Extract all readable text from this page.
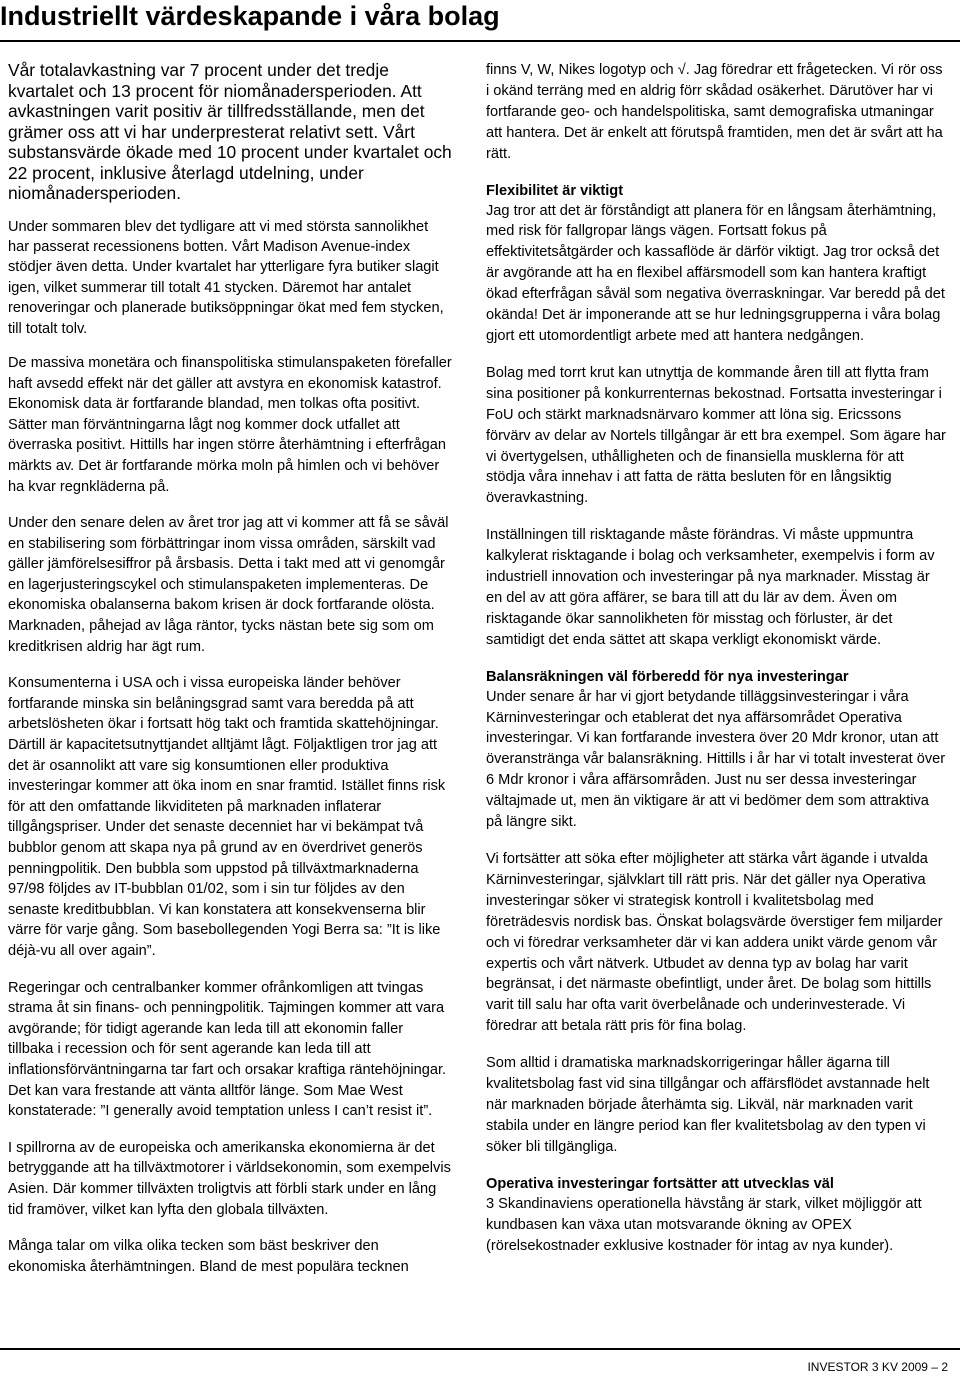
Industriellt värdeskapande i våra bolag

Vår totalavkastning var 7 procent under det tredje kvartalet och 13 procent för niomånadersperioden. Att avkastningen varit positiv är tillfredsställande, men det grämer oss att vi har underpresterat relativt sett. Vårt substansvärde ökade med 10 procent under kvartalet och 22 procent, inklusive återlagd utdelning, under niomånadersperioden.

Under sommaren blev det tydligare att vi med största sannolikhet har passerat recessionens botten. Vårt Madison Avenue-index stödjer även detta. Under kvartalet har ytterligare fyra butiker slagit igen, vilket summerar till totalt 41 stycken. Däremot har antalet renoveringar och planerade butiksöppningar ökat med fem stycken, till totalt tolv.

De massiva monetära och finanspolitiska stimulanspaketen förefaller haft avsedd effekt när det gäller att avstyra en ekonomisk katastrof. Ekonomisk data är fortfarande blandad, men tolkas ofta positivt. Sätter man förväntningarna lågt nog kommer dock utfallet att överraska positivt. Hittills har ingen större återhämtning i efterfrågan märkts av. Det är fortfarande mörka moln på himlen och vi behöver ha kvar regnkläderna på.

Under den senare delen av året tror jag att vi kommer att få se såväl en stabilisering som förbättringar inom vissa områden, särskilt vad gäller jämförelsesiffror på årsbasis. Detta i takt med att vi genomgår en lagerjusteringscykel och stimulanspaketen implementeras. De ekonomiska obalanserna bakom krisen är dock fortfarande olösta. Marknaden, påhejad av låga räntor, tycks nästan bete sig som om kreditkrisen aldrig har ägt rum.

Konsumenterna i USA och i vissa europeiska länder behöver fortfarande minska sin belåningsgrad samt vara beredda på att arbetslösheten ökar i fortsatt hög takt och framtida skattehöjningar. Därtill är kapacitetsutnyttjandet alltjämt lågt. Följaktligen tror jag att det är osannolikt att vare sig konsumtionen eller produktiva investeringar kommer att öka inom en snar framtid. Istället finns risk för att den omfattande likviditeten på marknaden inflaterar tillgångspriser. Under det senaste decenniet har vi bekämpat två bubblor genom att skapa nya på grund av en överdrivet generös penningpolitik. Den bubbla som uppstod på tillväxtmarknaderna 97/98 följdes av IT-bubblan 01/02, som i sin tur följdes av den senaste kreditbubblan. Vi kan konstatera att konsekvenserna blir värre för varje gång. Som basebollegenden Yogi Berra sa: ”It is like déjà-vu all over again”.

Regeringar och centralbanker kommer ofrånkomligen att tvingas strama åt sin finans- och penningpolitik. Tajmingen kommer att vara avgörande; för tidigt agerande kan leda till att ekonomin faller tillbaka i recession och för sent agerande kan leda till att inflationsförväntningarna tar fart och orsakar kraftiga räntehöjningar. Det kan vara frestande att vänta alltför länge. Som Mae West konstaterade: ”I generally avoid temptation unless I can’t resist it”.

I spillrorna av de europeiska och amerikanska ekonomierna är det betryggande att ha tillväxtmotorer i världsekonomin, som exempelvis Asien. Där kommer tillväxten troligtvis att förbli stark under en lång tid framöver, vilket kan lyfta den globala tillväxten.

Många talar om vilka olika tecken som bäst beskriver den ekonomiska återhämtningen. Bland de mest populära tecknen

finns V, W, Nikes logotyp och √. Jag föredrar ett frågetecken. Vi rör oss i okänd terräng med en aldrig förr skådad osäkerhet. Därutöver har vi fortfarande geo- och handelspolitiska, samt demografiska utmaningar att hantera. Det är enkelt att förutspå framtiden, men det är svårt att ha rätt.

Flexibilitet är viktigt

Jag tror att det är förståndigt att planera för en långsam återhämtning, med risk för fallgropar längs vägen. Fortsatt fokus på effektivitetsåtgärder och kassaflöde är därför viktigt. Jag tror också det är avgörande att ha en flexibel affärsmodell som kan hantera kraftigt ökad efterfrågan såväl som negativa överraskningar. Var beredd på det okända! Det är imponerande att se hur ledningsgrupperna i våra bolag gjort ett utomordentligt arbete med att hantera nedgången.

Bolag med torrt krut kan utnyttja de kommande åren till att flytta fram sina positioner på konkurrenternas bekostnad. Fortsatta investeringar i FoU och stärkt marknadsnärvaro kommer att löna sig. Ericssons förvärv av delar av Nortels tillgångar är ett bra exempel. Som ägare har vi övertygelsen, uthålligheten och de finansiella musklerna för att stödja våra innehav i att fatta de rätta besluten för en långsiktig överavkastning.

Inställningen till risktagande måste förändras. Vi måste uppmuntra kalkylerat risktagande i bolag och verksamheter, exempelvis i form av industriell innovation och investeringar på nya marknader. Misstag är en del av att göra affärer, se bara till att du lär av dem. Även om risktagande ökar sannolikheten för misstag och förluster, är det samtidigt det enda sättet att skapa verkligt ekonomiskt värde.

Balansräkningen väl förberedd för nya investeringar

Under senare år har vi gjort betydande tilläggsinvesteringar i våra Kärninvesteringar och etablerat det nya affärsområdet Operativa investeringar. Vi kan fortfarande investera över 20 Mdr kronor, utan att överanstränga vår balansräkning. Hittills i år har vi totalt investerat över 6 Mdr kronor i våra affärsområden. Just nu ser dessa investeringar vältajmade ut, men än viktigare är att vi bedömer dem som attraktiva på längre sikt.

Vi fortsätter att söka efter möjligheter att stärka vårt ägande i utvalda Kärninvesteringar, självklart till rätt pris. När det gäller nya Operativa investeringar söker vi strategisk kontroll i kvalitetsbolag med företrädesvis nordisk bas. Önskat bolagsvärde överstiger fem miljarder och vi föredrar verksamheter där vi kan addera unikt värde genom vår expertis och vårt nätverk. Utbudet av denna typ av bolag har varit begränsat, i det närmaste obefintligt, under året. De bolag som hittills varit till salu har ofta varit överbelånade och underinvesterade. Vi föredrar att betala rätt pris för fina bolag.

Som alltid i dramatiska marknadskorrigeringar håller ägarna till kvalitetsbolag fast vid sina tillgångar och affärsflödet avstannade helt när marknaden började återhämta sig. Likväl, när marknaden varit stabila under en längre period kan fler kvalitetsbolag av den typen vi söker bli tillgängliga.

Operativa investeringar fortsätter att utvecklas väl

3 Skandinaviens operationella hävstång är stark, vilket möjliggör att kundbasen kan växa utan motsvarande ökning av OPEX (rörelsekostnader exklusive kostnader för intag av nya kunder).

INVESTOR 3 KV 2009 – 2
